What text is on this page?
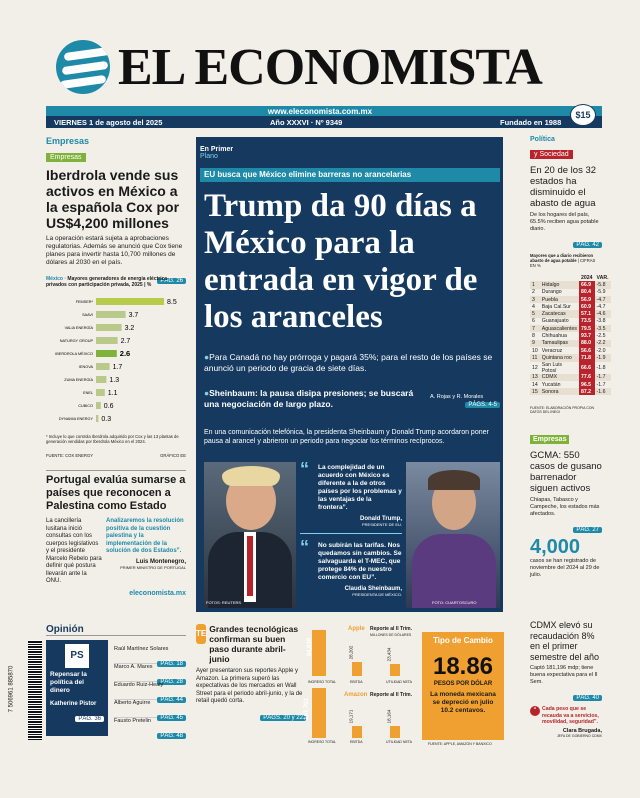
EL ECONOMISTA
www.eleconomista.com.mx
VIERNES 1 de agosto del 2025	Año XXXVI · Nº 9349	Fundado en 1988
$15
Empresas
Empresas
Iberdrola vende sus activos en México a la española Cox por US$4,200 millones
La operación estará sujeta a aprobaciones regulatorias. Además se anunció que Cox tiene planes para invertir hasta 10,700 millones de dólares al 2030 en el país.
PÁG. 26
México · Mayores generadores de energía eléctrica privados con participación privada, 2025 | %
FEMSER*	8.5
SAAVI	3.7
VALIA ENERGÍA	3.2
NATURGY GROUP	2.7
IBERDROLA MÉXICO	2.6
IENOVA	1.7
ZUMA ENERGÍA 1.3
ENEL 1.1
CUBICO 0.6
DYNAMIA ENERGY 0.3
* Incluye lo que controla Iberdrola adquirido por Cox y las 13 plantas de generación vendidas por Iberdrola México en el 2024.
FUENTE: COX ENERGY	GRÁFICO EE
Portugal evalúa sumarse a países que reconocen a Palestina como Estado
La cancillería lusitana inició consultas con los cuerpos legislativos y el presidente Marcelo Rebelo para definir qué postura llevarán ante la ONU.
Analizaremos la resolución positiva de la cuestión palestina y la implementación de la solución de dos Estados”.
Luis Montenegro,
PRIMER MINISTRO DE PORTUGAL
eleconomista.mx
Opinión
PS
Repensar la política del dinero
Katherine Pistor
PÁG. 36
Raúl Martínez Solares
PÁG. 18
Marco A. Mares
PÁG. 28
Eduardo Ruiz-Healy
PÁG. 44
Alberto Aguirre
PÁG. 45
Fausto Pretelin
PÁG. 48
7 506961 885870
En Primer
Plano
EU busca que México elimine barreras no arancelarias
Trump da 90 días a México para la entrada en vigor de los aranceles
●Para Canadá no hay prórroga y pagará 35%; para el resto de los países se anunció un periodo de gracia de siete días.
●Sheinbaum: la pausa disipa presiones; se buscará una negociación de largo plazo.
A. Rojas y R. Morales
PÁGS. 4-5
En una comunicación telefónica, la presidenta Sheinbaum y Donald Trump acordaron poner pausa al arancel y abrieron un periodo para negociar los términos recíprocos.
FOTOS: REUTERS	FOTO: CUARTOSCURO
“	La complejidad de un acuerdo con México es diferente a la de otros países por los problemas y las ventajas de la frontera”.
Donald Trump,
PRESIDENTE DE EU.
“	No subirán las tarifas. Nos quedamos sin cambios. Se salvaguarda el T-MEC, que protege 84% de nuestro comercio con EU”.
Claudia Sheinbaum,
PRESIDENTA DE MÉXICO.
TE Grandes tecnológicas confirman su buen paso durante abril-junio
Ayer presentaron sus reportes Apple y Amazon. La primera superó las expectativas de los mercados en Wall Street para el periodo abril-junio, y la de retail quedó corta.
PÁGS. 20 y 22
Apple Reporte al II Trim.
MILLONES DE DÓLARES
94,036	28,202	23,434
INGRESO TOTAL	EBITDA	UTILIDAD NETA
Amazon Reporte al II Trim.
167,702	19,171	18,164
INGRESO TOTAL	EBITDA	UTILIDAD NETA
Tipo de Cambio
18.86
PESOS POR DÓLAR
La moneda mexicana se depreció en julio 10.2 centavos.
FUENTE: APPLE, AMAZON Y BANXICO
Política
y Sociedad
En 20 de los 32 estados ha disminuido el abasto de agua
De los hogares del país, 65.5% reciben agua potable diario.
PÁG. 42
Mayores que a diario recibieron abasto de agua potable | CIFRAS EN %
		2024	VAR.
1	Hidalgo	66.9	-5.8
2	Durango	80.4	-5.9
3	Puebla	56.9	-4.7
4	Baja Cal.Sur	60.9	-4.7
5	Zacatecas	57.1	-4.6
6	Guanajuato	73.5	-3.8
7	Aguascalientes	79.5	-3.5
8	Chihuahua	93.7	-2.5
9	Tamaulipas	88.0	-2.2
10	Veracruz	56.6	-2.0
11	Quintana roo	71.8	-1.9
12	San Luis Potosí	66.6	-1.8
13	CDMX	77.6	-1.7
14	Yucatán	96.5	-1.7
15	Sonora	87.2	-1.6
FUENTE: ELABORACIÓN PROPIA CON DATOS DEL INEGI
Empresas
GCMA: 550 casos de gusano barrenador siguen activos
Chiapas, Tabasco y Campeche, los estados más afectados.
PÁG. 27
4,000
casos se han registrado de noviembre del 2024 al 29 de julio.
CDMX elevó su recaudación 8% en el primer semestre del año
Captó 181,196 mdp; tiene buena expectativa para el II Sem.
PÁG. 40
“	Cada peso que se recauda va a servicios, movilidad, seguridad”.
Clara Brugada,
JEFA DE GOBIERNO CDMX
